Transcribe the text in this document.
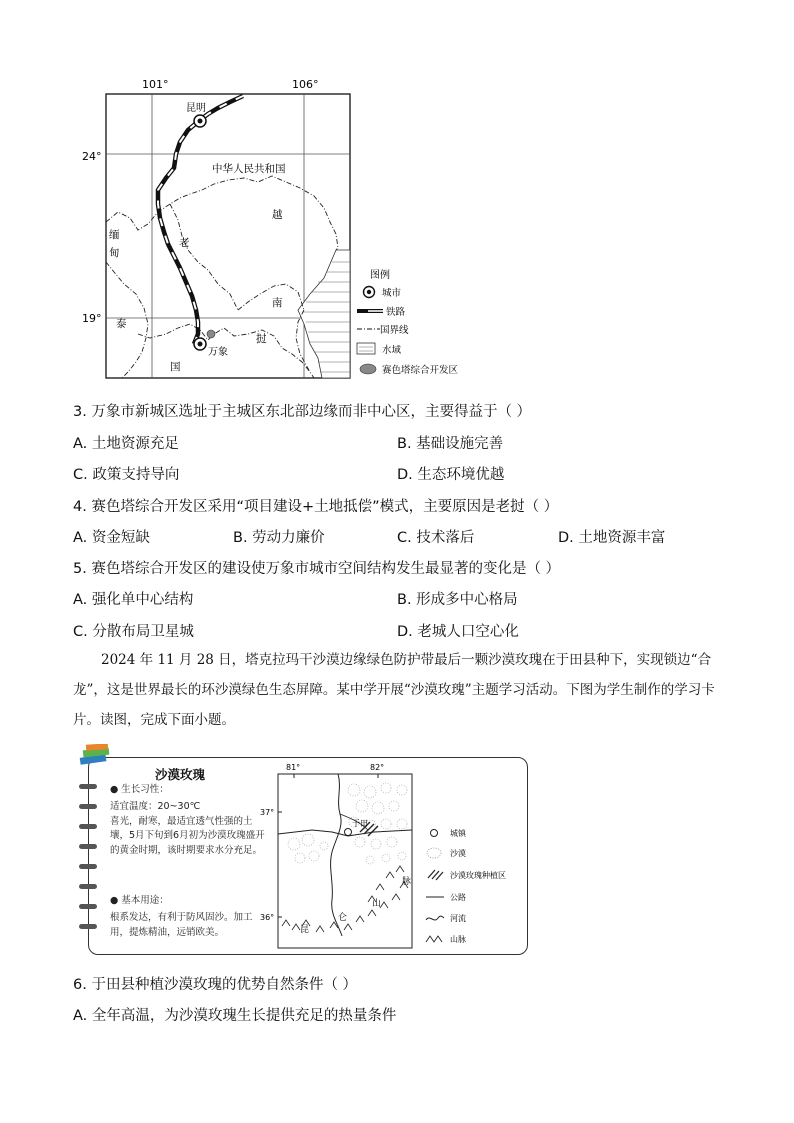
101°	106°
24°
19°
昆明
万象
中华人民共和国
缅
甸
老
越
南
挝
泰
国
图例
城市
铁路
国界线
水域
赛色塔综合开发区
3. 万象市新城区选址于主城区东北部边缘而非中心区，主要得益于（ ）
A. 土地资源充足	B. 基础设施完善
C. 政策支持导向	D. 生态环境优越
4. 赛色塔综合开发区采用“项目建设+土地抵偿”模式，主要原因是老挝（ ）
A. 资金短缺	B. 劳动力廉价	C. 技术落后	D. 土地资源丰富
5. 赛色塔综合开发区的建设使万象市城市空间结构发生最显著的变化是（ ）
A. 强化单中心结构	B. 形成多中心格局
C. 分散布局卫星城	D. 老城人口空心化
2024 年 11 月 28 日，塔克拉玛干沙漠边缘绿色防护带最后一颗沙漠玫瑰在于田县种下，实现锁边“合龙”，这是世界最长的环沙漠绿色生态屏障。某中学开展“沙漠玫瑰”主题学习活动。下图为学生制作的学习卡片。读图，完成下面小题。
沙漠玫瑰
● 生长习性：
适宜温度：20~30℃
喜光，耐寒，最适宜透气性强的土壤，5月下旬到6月初为沙漠玫瑰盛开的黄金时期，该时期要求水分充足。
● 基本用途：
根系发达，有利于防风固沙。加工用，提炼精油，远销欧美。
81°	82°
37°
36°
于田
昆
仑
山
脉
城镇
沙漠
沙漠玫瑰种植区
公路
河流
山脉
6. 于田县种植沙漠玫瑰的优势自然条件（ ）
A. 全年高温，为沙漠玫瑰生长提供充足的热量条件
